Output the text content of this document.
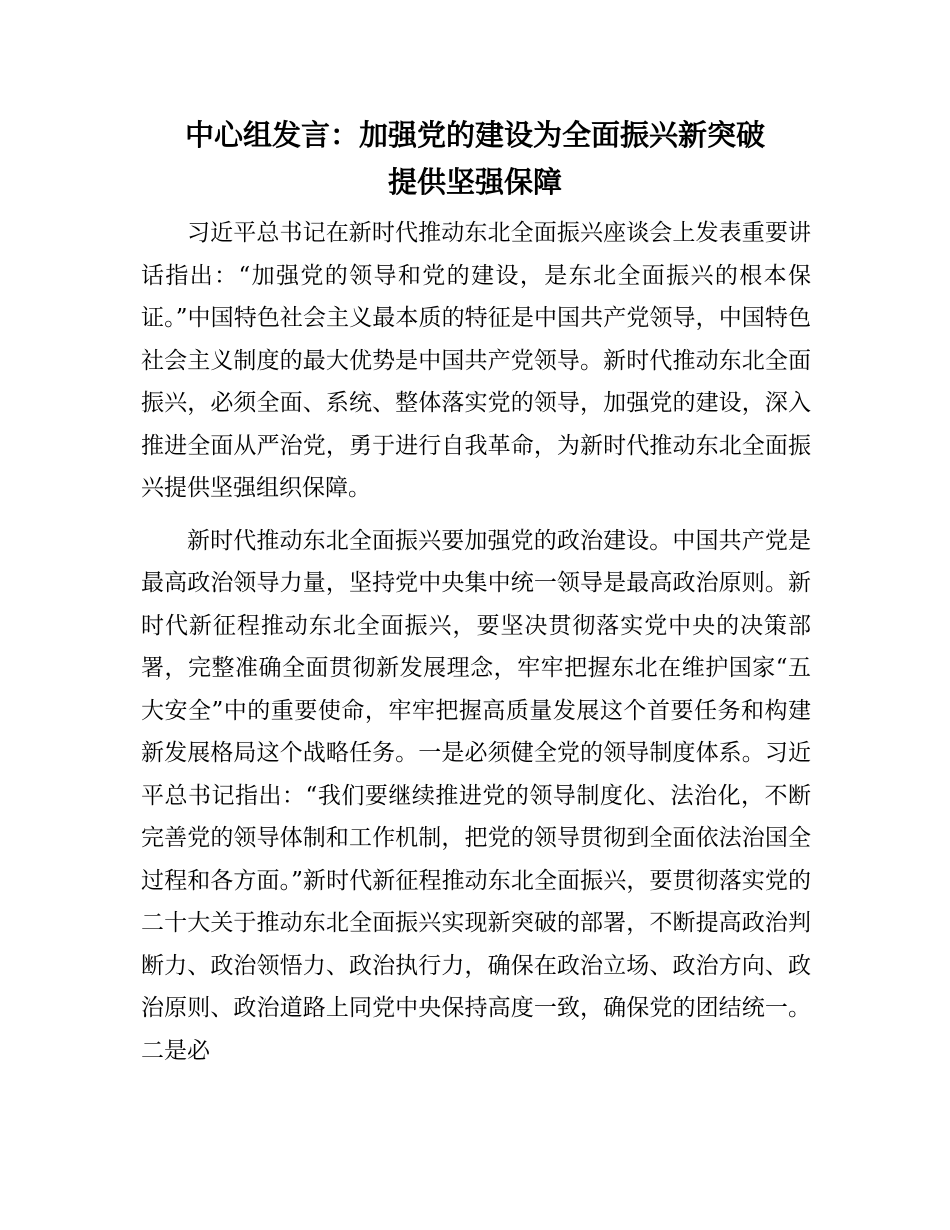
中心组发言：加强党的建设为全面振兴新突破
提供坚强保障

习近平总书记在新时代推动东北全面振兴座谈会上发表重要讲话指出：“加强党的领导和党的建设，是东北全面振兴的根本保证。”中国特色社会主义最本质的特征是中国共产党领导，中国特色社会主义制度的最大优势是中国共产党领导。新时代推动东北全面振兴，必须全面、系统、整体落实党的领导，加强党的建设，深入推进全面从严治党，勇于进行自我革命，为新时代推动东北全面振兴提供坚强组织保障。

新时代推动东北全面振兴要加强党的政治建设。中国共产党是最高政治领导力量，坚持党中央集中统一领导是最高政治原则。新时代新征程推动东北全面振兴，要坚决贯彻落实党中央的决策部署，完整准确全面贯彻新发展理念，牢牢把握东北在维护国家“五大安全”中的重要使命，牢牢把握高质量发展这个首要任务和构建新发展格局这个战略任务。一是必须健全党的领导制度体系。习近平总书记指出：“我们要继续推进党的领导制度化、法治化，不断完善党的领导体制和工作机制，把党的领导贯彻到全面依法治国全过程和各方面。”新时代新征程推动东北全面振兴，要贯彻落实党的二十大关于推动东北全面振兴实现新突破的部署，不断提高政治判断力、政治领悟力、政治执行力，确保在政治立场、政治方向、政治原则、政治道路上同党中央保持高度一致，确保党的团结统一。二是必
